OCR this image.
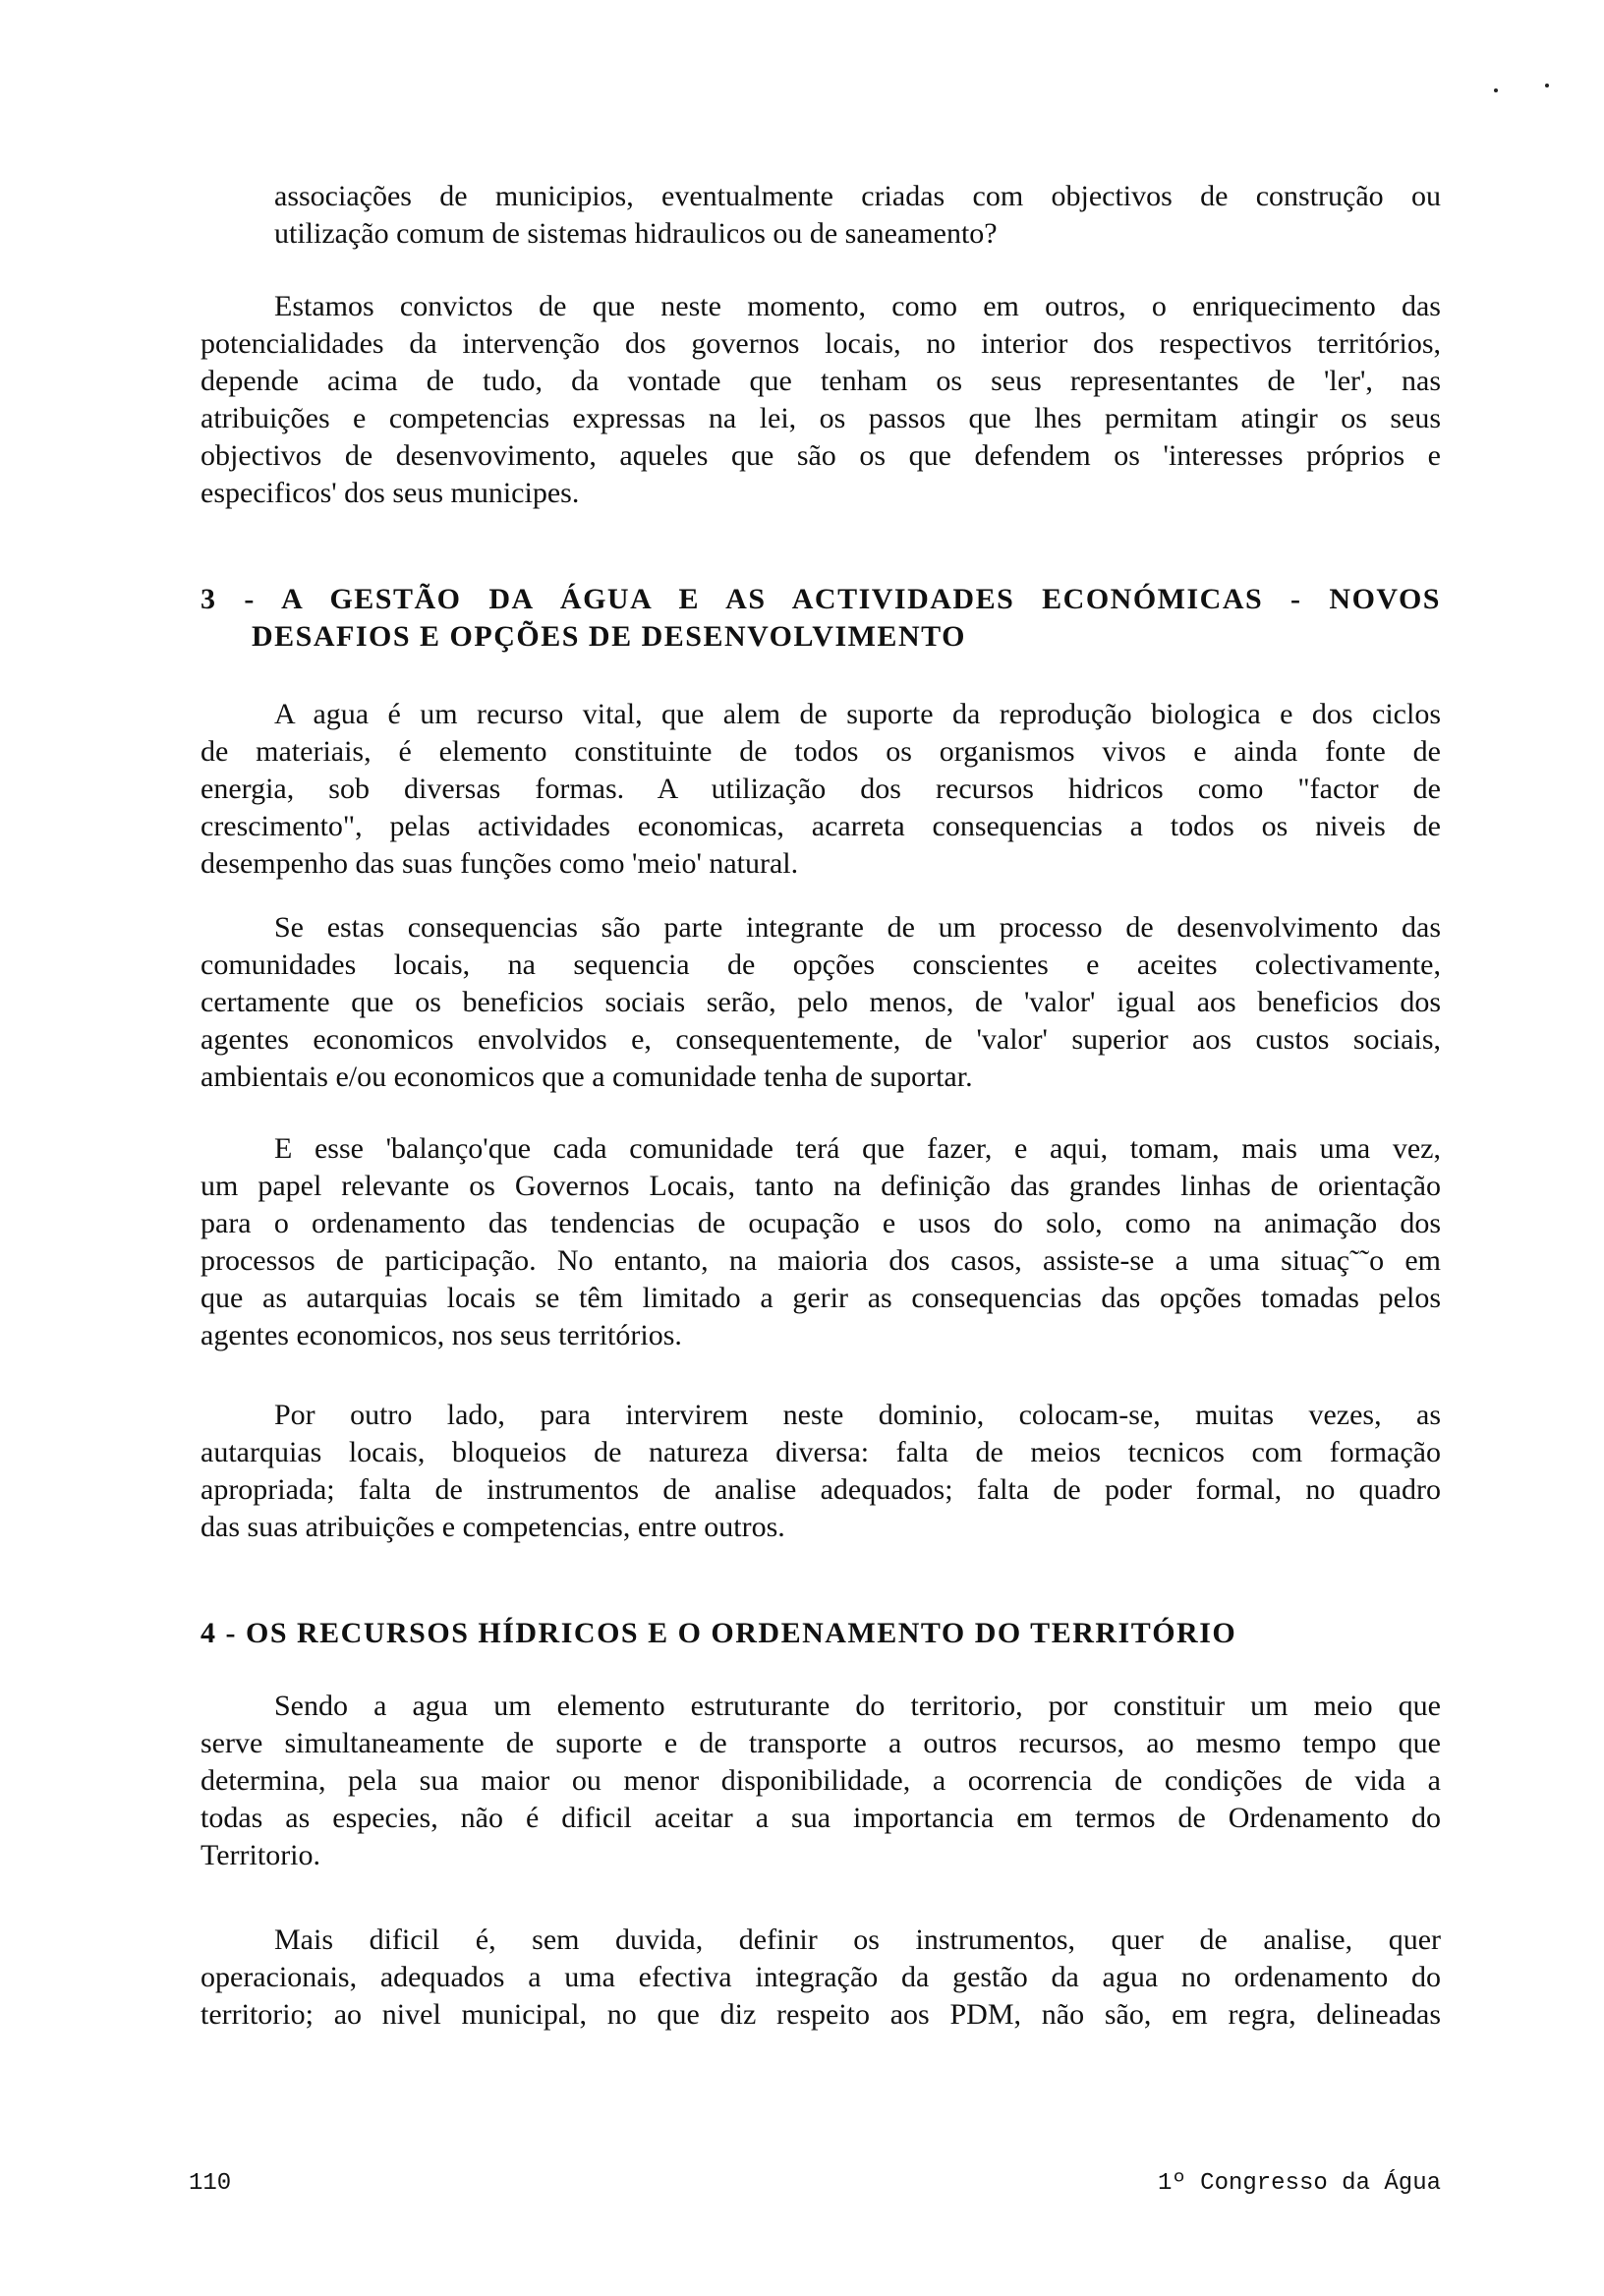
associações de municipios, eventualmente criadas com objectivos de construção ou
utilização comum de sistemas hidraulicos ou de saneamento?
Estamos convictos de que neste momento, como em outros, o enriquecimento das
potencialidades da intervenção dos governos locais, no interior dos respectivos territórios,
depende acima de tudo, da vontade que tenham os seus representantes de 'ler', nas
atribuições e competencias expressas na lei, os passos que lhes permitam atingir os seus
objectivos de desenvovimento, aqueles que são os que defendem os 'interesses próprios e
especificos' dos seus municipes.
3 - A GESTÃO DA ÁGUA E AS ACTIVIDADES ECONÓMICAS - NOVOS
DESAFIOS E OPÇÕES DE DESENVOLVIMENTO
A agua é um recurso vital, que alem de suporte da reprodução biologica e dos ciclos
de materiais, é elemento constituinte de todos os organismos vivos e ainda fonte de
energia, sob diversas formas. A utilização dos recursos hidricos como "factor de
crescimento", pelas actividades economicas, acarreta consequencias a todos os niveis de
desempenho das suas funções como 'meio' natural.
Se estas consequencias são parte integrante de um processo de desenvolvimento das
comunidades locais, na sequencia de opções conscientes e aceites colectivamente,
certamente que os beneficios sociais serão, pelo menos, de 'valor' igual aos beneficios dos
agentes economicos envolvidos e, consequentemente, de 'valor' superior aos custos sociais,
ambientais e/ou economicos que a comunidade tenha de suportar.
E esse 'balanço'que cada comunidade terá que fazer, e aqui, tomam, mais uma vez,
um papel relevante os Governos Locais, tanto na definição das grandes linhas de orientação
para o ordenamento das tendencias de ocupação e usos do solo, como na animação dos
processos de participação. No entanto, na maioria dos casos, assiste-se a uma situaç˜˜o em
que as autarquias locais se têm limitado a gerir as consequencias das opções tomadas pelos
agentes economicos, nos seus territórios.
Por outro lado, para intervirem neste dominio, colocam-se, muitas vezes, as
autarquias locais, bloqueios de natureza diversa: falta de meios tecnicos com formação
apropriada; falta de instrumentos de analise adequados; falta de poder formal, no quadro
das suas atribuições e competencias, entre outros.
4 - OS RECURSOS HÍDRICOS E O ORDENAMENTO DO TERRITÓRIO
Sendo a agua um elemento estruturante do territorio, por constituir um meio que
serve simultaneamente de suporte e de transporte a outros recursos, ao mesmo tempo que
determina, pela sua maior ou menor disponibilidade, a ocorrencia de condições de vida a
todas as especies, não é dificil aceitar a sua importancia em termos de Ordenamento do
Territorio.
Mais dificil é, sem duvida, definir os instrumentos, quer de analise, quer
operacionais, adequados a uma efectiva integração da gestão da agua no ordenamento do
territorio; ao nivel municipal, no que diz respeito aos PDM, não são, em regra, delineadas
110	1º Congresso da Água
